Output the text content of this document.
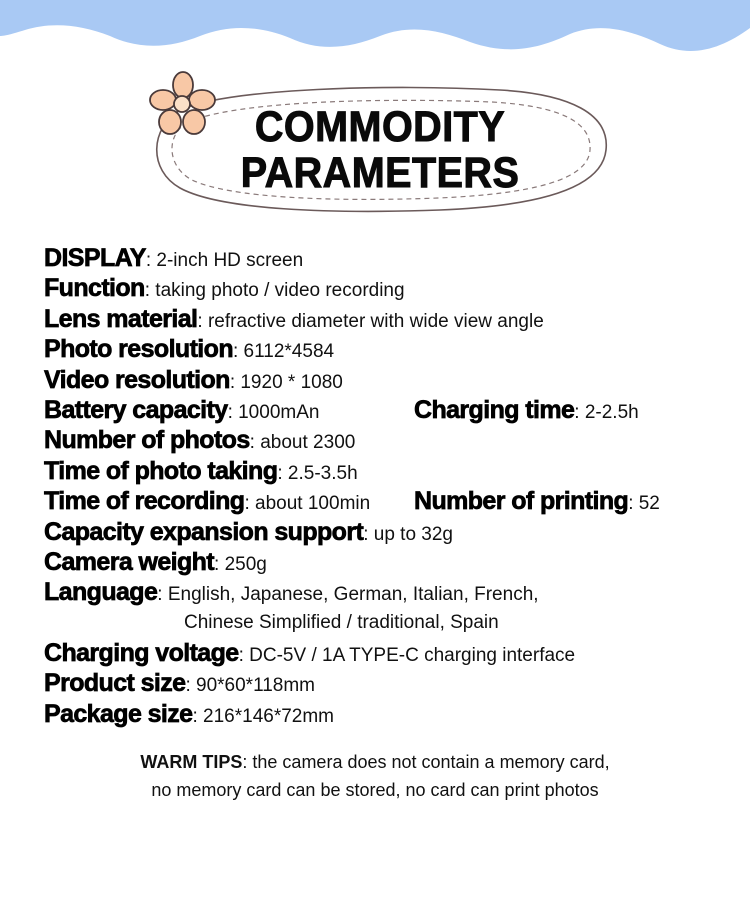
COMMODITY
PARAMETERS
DISPLAY: 2-inch HD screen
Function: taking photo / video recording
Lens material: refractive diameter with wide view angle
Photo resolution: 6112*4584
Video resolution: 1920 * 1080
Battery capacity: 1000mAn	Charging time: 2-2.5h
Number of photos: about 2300
Time of photo taking: 2.5-3.5h
Time of recording: about 100min Number of printing: 52
Capacity expansion support: up to 32g
Camera weight: 250g
Language: English, Japanese, German, Italian, French,
Chinese Simplified / traditional, Spain
Charging voltage: DC-5V / 1A TYPE-C charging interface
Product size: 90*60*118mm
Package size: 216*146*72mm
WARM TIPS: the camera does not contain a memory card,
no memory card can be stored, no card can print photos
